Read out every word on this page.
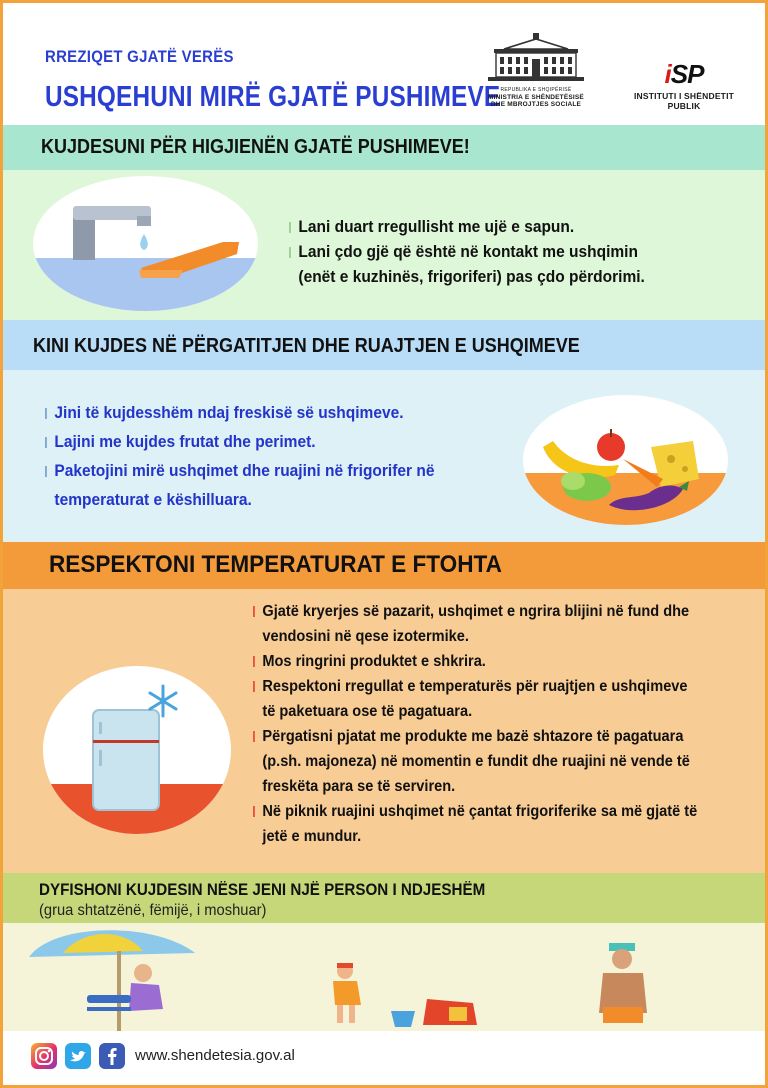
RREZIQET GJATË VERËS
USHQEHUNI MIRË GJATË PUSHIMEVE REPUBLIKA E SHQIPËRISË
MINISTRIA E SHËNDETËSISË
DHE MBROJTJES SOCIALE
iSP
INSTITUTI I SHËNDETIT PUBLIK
KUJDESUNI PËR HIGJIENËN GJATË PUSHIMEVE!
Lani duart rregullisht me ujë e sapun.
Lani çdo gjë që është në kontakt me ushqimin
(enët e kuzhinës, frigoriferi) pas çdo përdorimi.
KINI KUJDES NË PËRGATITJEN DHE RUAJTJEN E USHQIMEVE
Jini të kujdesshëm ndaj freskisë së ushqimeve.
Lajini me kujdes frutat dhe perimet.
Paketojini mirë ushqimet dhe ruajini në frigorifer në
temperaturat e këshilluara.
RESPEKTONI TEMPERATURAT E FTOHTA
Gjatë kryerjes së pazarit, ushqimet e ngrira blijini në fund dhe
vendosini në qese izotermike.
Mos ringrini produktet e shkrira.
Respektoni rregullat e temperaturës për ruajtjen e ushqimeve
të paketuara ose të pagatuara.
Përgatisni pjatat me produkte me bazë shtazore të pagatuara
(p.sh. majoneza) në momentin e fundit dhe ruajini në vende të
freskëta para se të serviren.
Në piknik ruajini ushqimet në çantat frigoriferike sa më gjatë të
jetë e mundur.
DYFISHONI KUJDESIN NËSE JENI NJË PERSON I NDJESHËM
(grua shtatzënë, fëmijë, i moshuar)
www.shendetesia.gov.al
